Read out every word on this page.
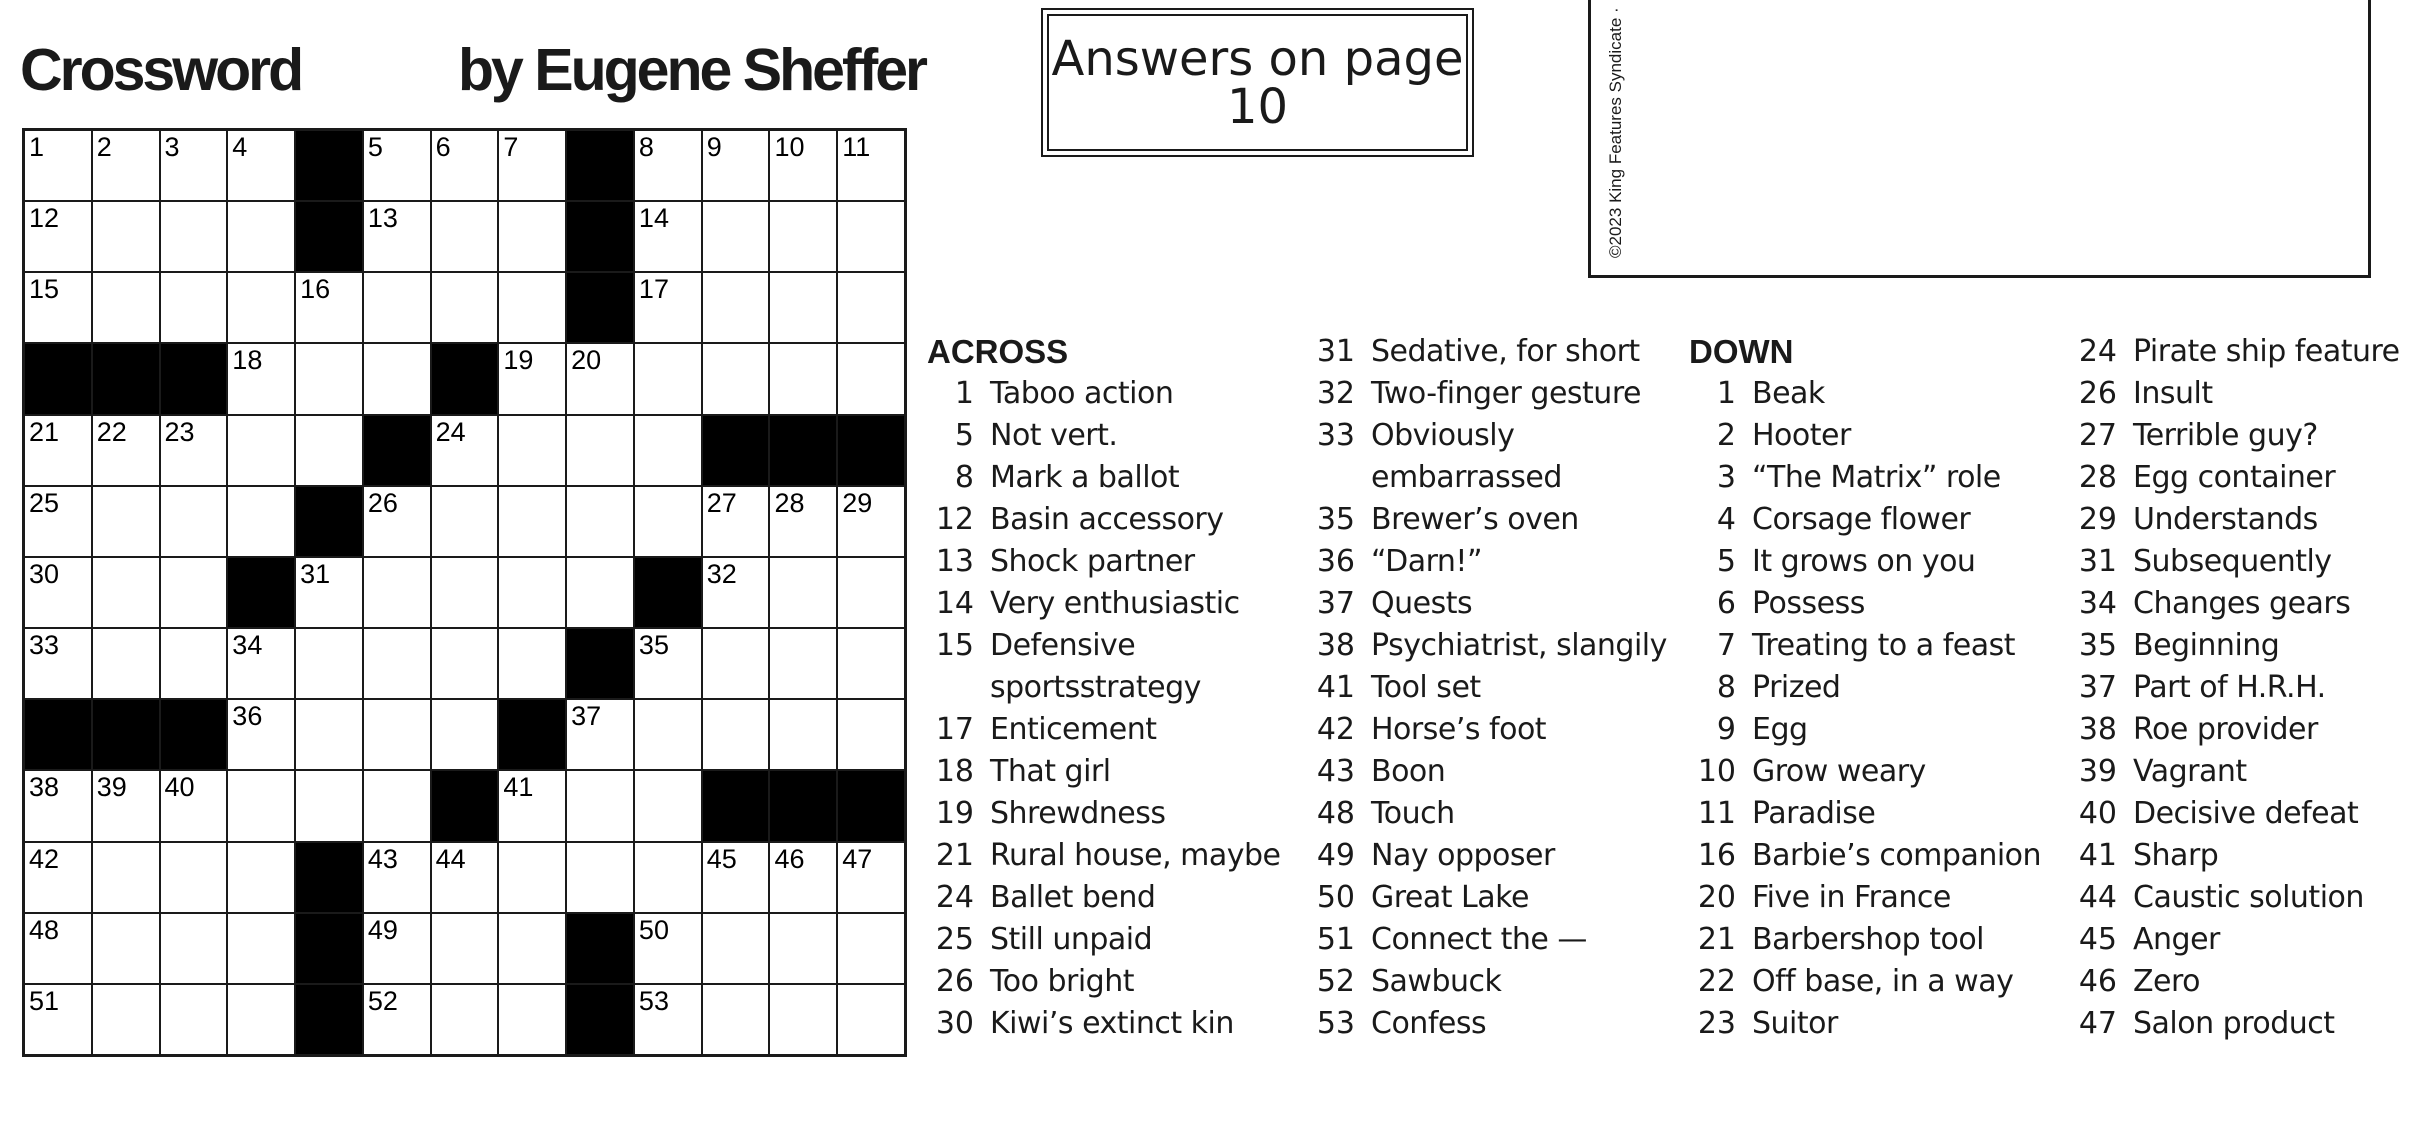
Crossword	by Eugene Sheffer
1 2 3 4	5 6 7	8 9 10 11
12	13	14
15	16	17
18	19 20
21 22 23	24
25	26	27 28 29
30	31	32
33	34	35
36	37
38 39 40	41
42	43 44	45 46 47
48	49	50
51	52	53
Answers on page
10	©2023 King Features Syndicate ·
ACROSS
1 Taboo action
5 Not vert.
8 Mark a ballot
12 Basin accessory
13 Shock partner
14 Very enthusiastic
15 Defensive
sportsstrategy
17 Enticement
18 That girl
19 Shrewdness
21 Rural house, maybe
24 Ballet bend
25 Still unpaid
26 Too bright
30 Kiwi’s extinct kin
31 Sedative, for short
32 Two-finger gesture
33 Obviously
embarrassed
35 Brewer’s oven
36 “Darn!”
37 Quests
38 Psychiatrist, slangily
41 Tool set
42 Horse’s foot
43 Boon
48 Touch
49 Nay opposer
50 Great Lake
51 Connect the —
52 Sawbuck
53 Confess
DOWN
1 Beak
2 Hooter
3 “The Matrix” role
4 Corsage flower
5 It grows on you
6 Possess
7 Treating to a feast
8 Prized
9 Egg
10 Grow weary
11 Paradise
16 Barbie’s companion
20 Five in France
21 Barbershop tool
22 Off base, in a way
23 Suitor
24 Pirate ship feature
26 Insult
27 Terrible guy?
28 Egg container
29 Understands
31 Subsequently
34 Changes gears
35 Beginning
37 Part of H.R.H.
38 Roe provider
39 Vagrant
40 Decisive defeat
41 Sharp
44 Caustic solution
45 Anger
46 Zero
47 Salon product
